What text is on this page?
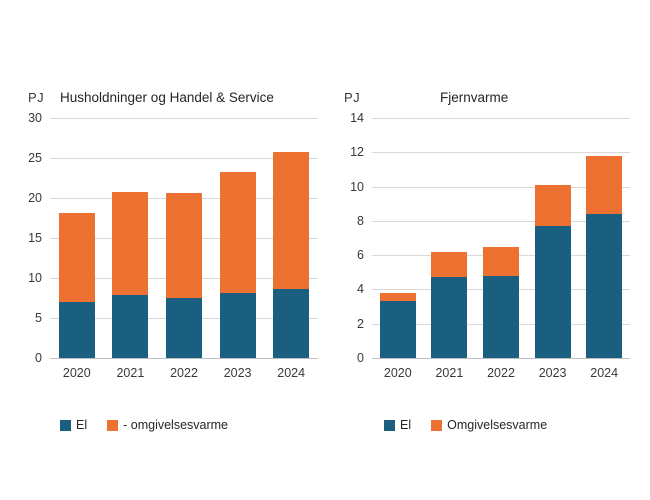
PJ Husholdninger og Handel & Service
0
5
10
15
20
25
30
2020	2021	2022	2023	2024
El	- omgivelsesvarme
PJ	Fjernvarme
0
2
4
6
8
10
12
14
2020	2021	2022	2023	2024
El	Omgivelsesvarme
